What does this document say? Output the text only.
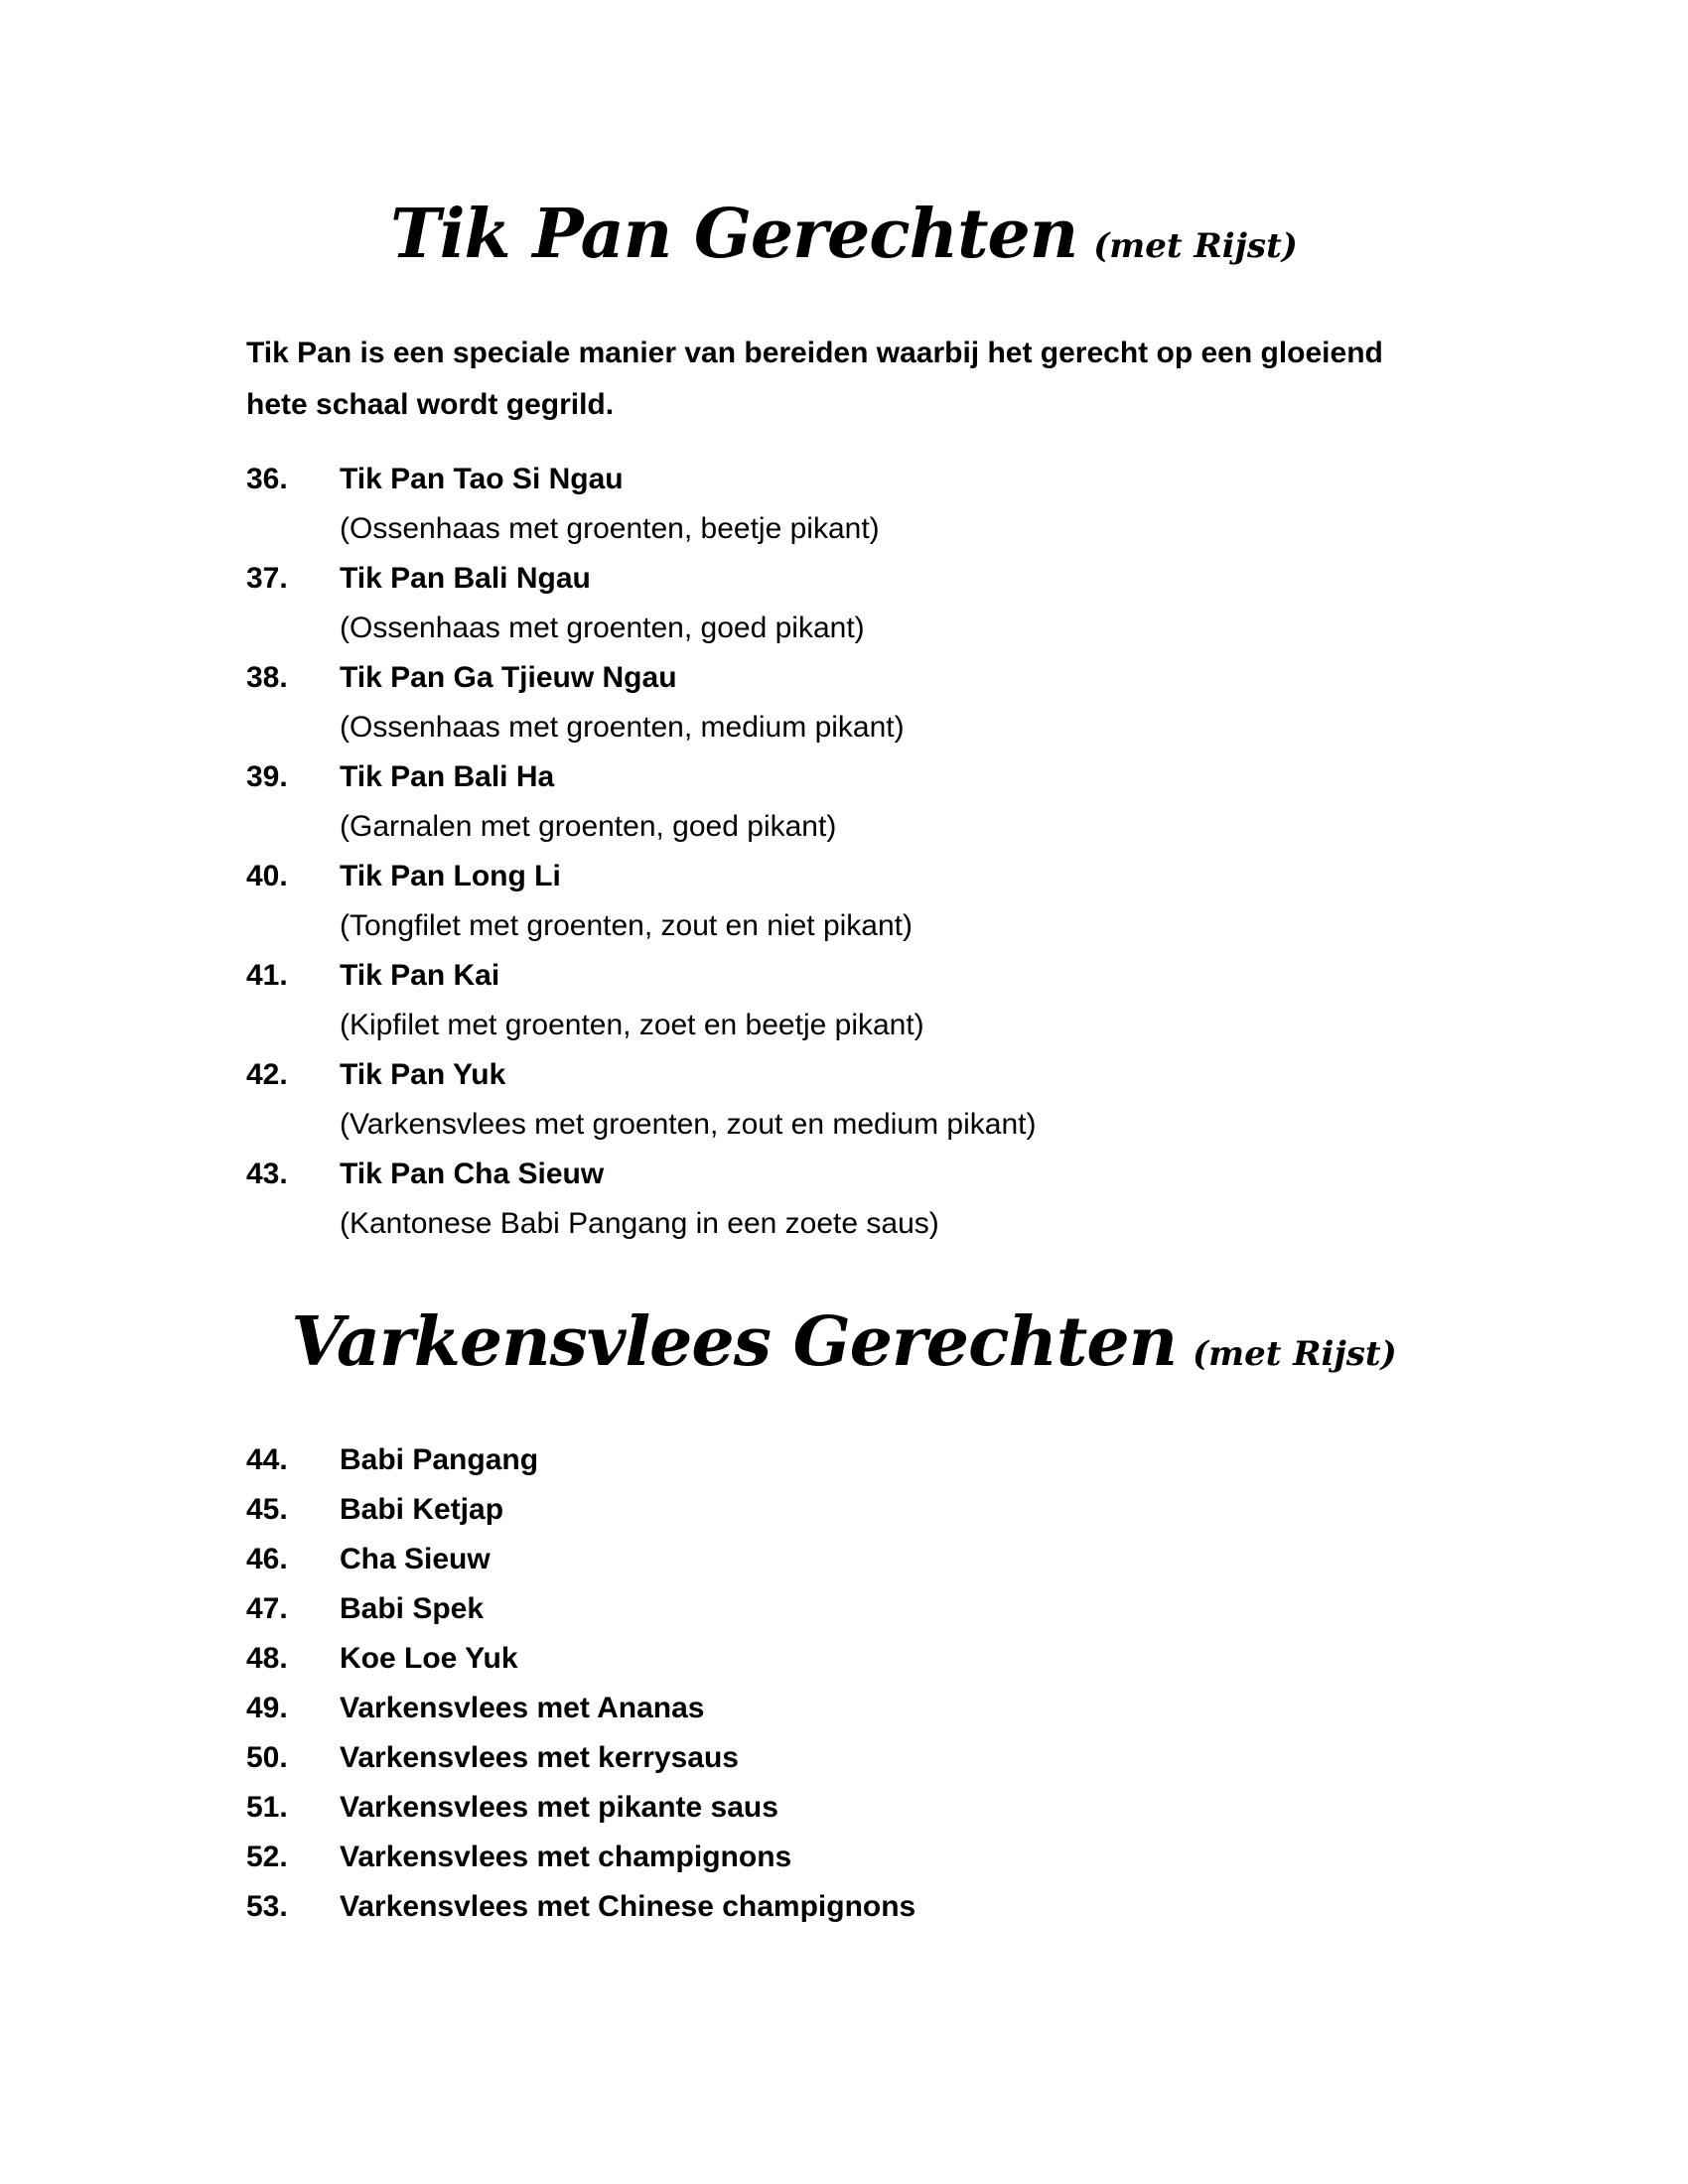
Tik Pan Gerechten (met Rijst)
Tik Pan is een speciale manier van bereiden waarbij het gerecht op een gloeiend hete schaal wordt gegrild.
36. Tik Pan Tao Si Ngau
(Ossenhaas met groenten, beetje pikant)
37. Tik Pan Bali Ngau
(Ossenhaas met groenten, goed pikant)
38. Tik Pan Ga Tjieuw Ngau
(Ossenhaas met groenten, medium pikant)
39. Tik Pan Bali Ha
(Garnalen met groenten, goed pikant)
40. Tik Pan Long Li
(Tongfilet met groenten, zout en niet pikant)
41. Tik Pan Kai
(Kipfilet met groenten, zoet en beetje pikant)
42. Tik Pan Yuk
(Varkensvlees met groenten, zout en medium pikant)
43. Tik Pan Cha Sieuw
(Kantonese Babi Pangang in een zoete saus)
Varkensvlees Gerechten (met Rijst)
44. Babi Pangang
45. Babi Ketjap
46. Cha Sieuw
47. Babi Spek
48. Koe Loe Yuk
49. Varkensvlees met Ananas
50. Varkensvlees met kerrysaus
51. Varkensvlees met pikante saus
52. Varkensvlees met champignons
53. Varkensvlees met Chinese champignons
